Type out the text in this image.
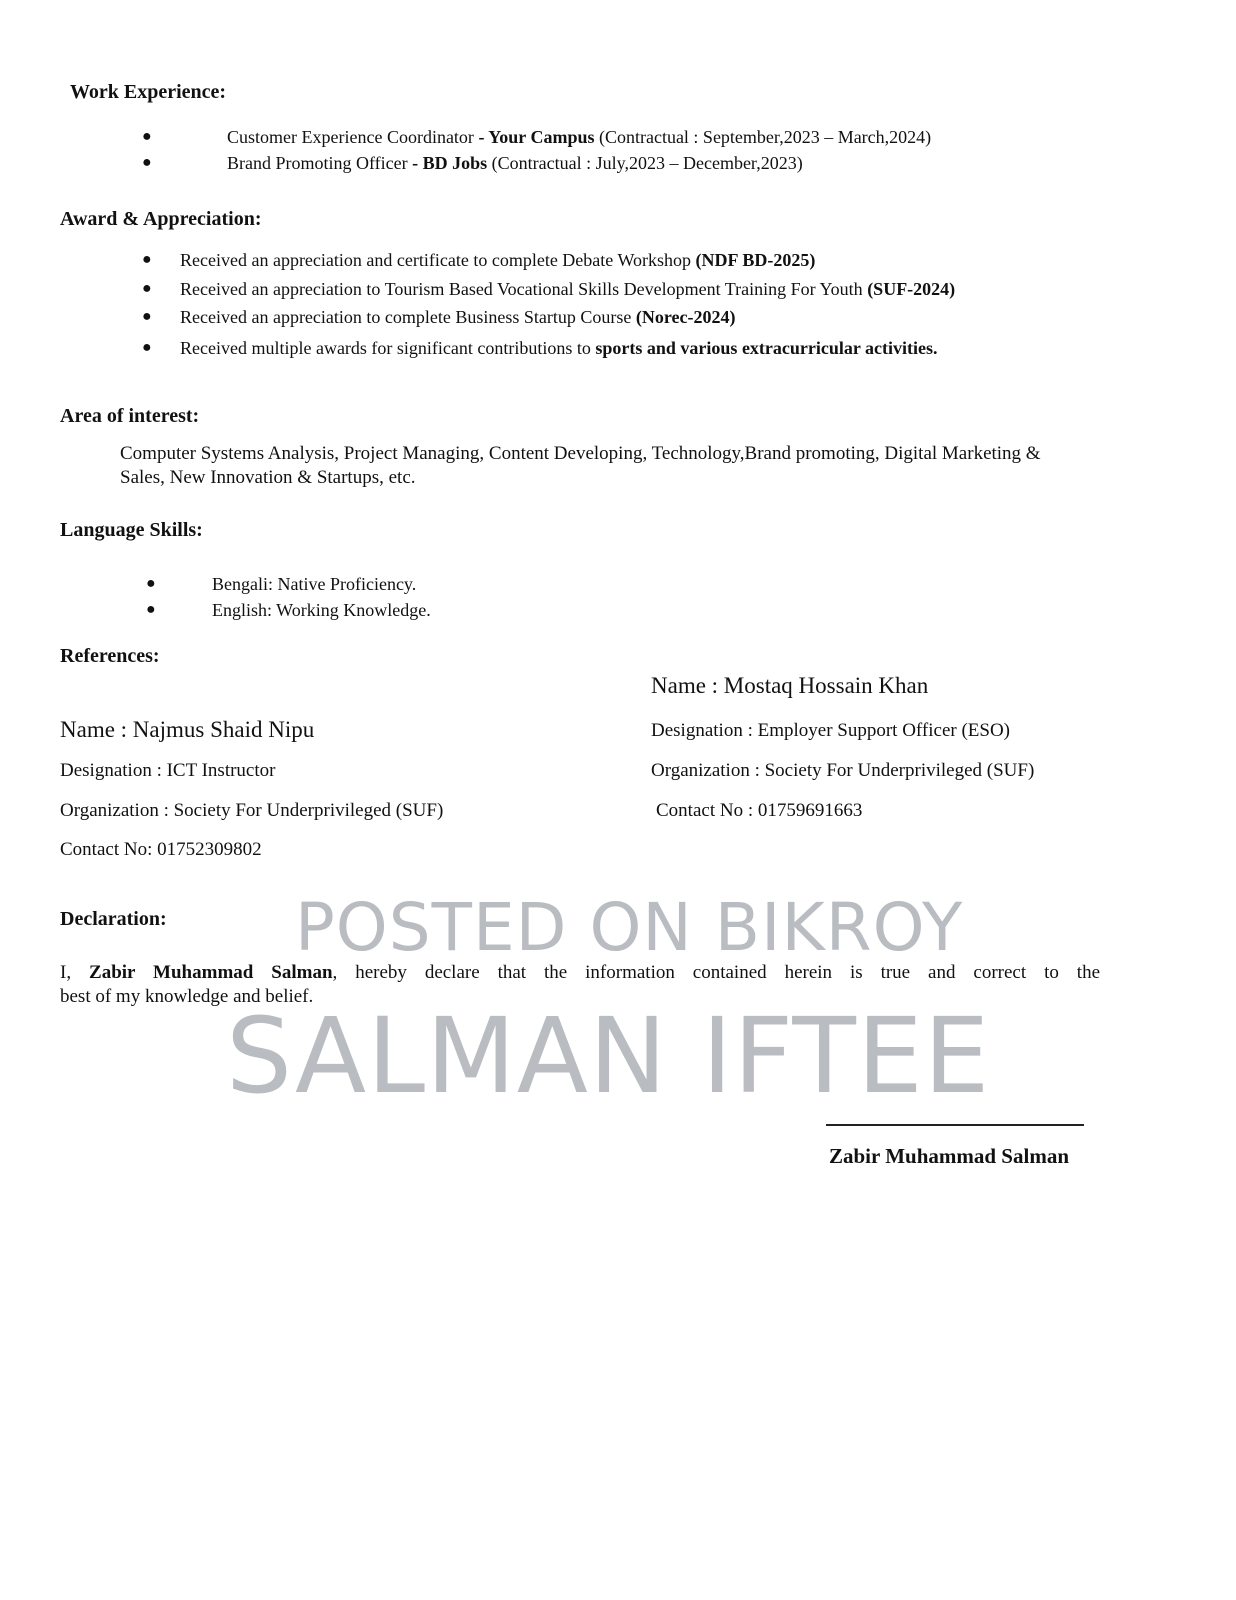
Work Experience:
●	Customer Experience Coordinator - Your Campus (Contractual : September,2023 – March,2024)
●	Brand Promoting Officer - BD Jobs (Contractual : July,2023 – December,2023)
Award & Appreciation:
● Received an appreciation and certificate to complete Debate Workshop (NDF BD-2025)
● Received an appreciation to Tourism Based Vocational Skills Development Training For Youth (SUF-2024)
● Received an appreciation to complete Business Startup Course (Norec-2024)
● Received multiple awards for significant contributions to sports and various extracurricular activities.
Area of interest:
Computer Systems Analysis, Project Managing, Content Developing, Technology,Brand promoting, Digital Marketing &
Sales, New Innovation & Startups, etc.
Language Skills:
●	Bengali: Native Proficiency.
●	English: Working Knowledge.
References:
Name : Najmus Shaid Nipu
Designation : ICT Instructor
Organization : Society For Underprivileged (SUF)
Contact No: 01752309802
Name : Mostaq Hossain Khan
Designation : Employer Support Officer (ESO)
Organization : Society For Underprivileged (SUF)
Contact No : 01759691663
Declaration:
I, Zabir Muhammad Salman, hereby declare that the information contained herein is true and correct to the
best of my knowledge and belief.
Zabir Muhammad Salman
POSTED ON BIKROY
SALMAN IFTEE
